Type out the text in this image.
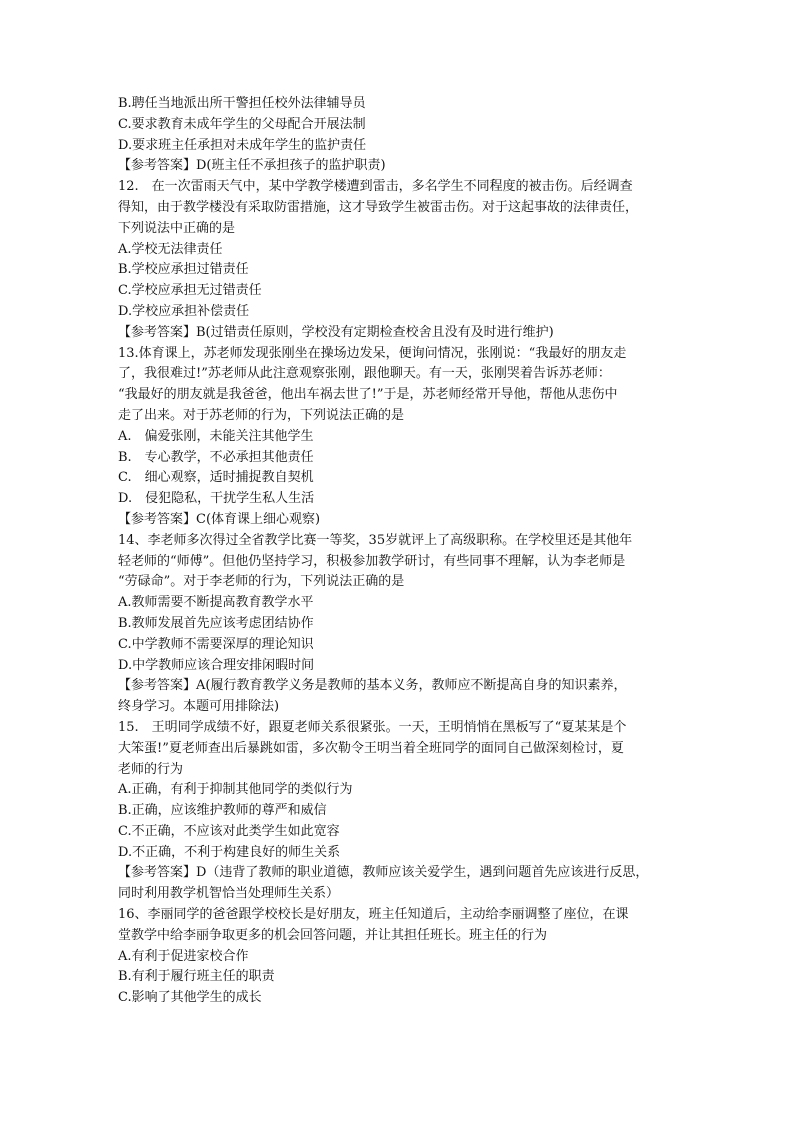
B.聘任当地派出所干警担任校外法律辅导员
C.要求教育未成年学生的父母配合开展法制
D.要求班主任承担对未成年学生的监护责任
【参考答案】D(班主任不承担孩子的监护职责)
12.　在一次雷雨天气中，某中学教学楼遭到雷击，多名学生不同程度的被击伤。后经调查
得知，由于教学楼没有采取防雷措施，这才导致学生被雷击伤。对于这起事故的法律责任，
下列说法中正确的是
A.学校无法律责任
B.学校应承担过错责任
C.学校应承担无过错责任
D.学校应承担补偿责任
【参考答案】B(过错责任原则，学校没有定期检查校舍且没有及时进行维护)
13.体育课上，苏老师发现张刚坐在操场边发呆，便询问情况，张刚说：“我最好的朋友走
了，我很难过!”苏老师从此注意观察张刚，跟他聊天。有一天，张刚哭着告诉苏老师：
“我最好的朋友就是我爸爸，他出车祸去世了!”于是，苏老师经常开导他，帮他从悲伤中
走了出来。对于苏老师的行为，下列说法正确的是
A.　偏爱张刚，未能关注其他学生
B.　专心教学，不必承担其他责任
C.　细心观察，适时捕捉教自契机
D.　侵犯隐私，干扰学生私人生活
【参考答案】C(体育课上细心观察)
14、李老师多次得过全省教学比赛一等奖，35岁就评上了高级职称。在学校里还是其他年
轻老师的“师傅”。但他仍坚持学习，积极参加教学研讨，有些同事不理解，认为李老师是
“劳碌命”。对于李老师的行为，下列说法正确的是
A.教师需要不断提高教育教学水平
B.教师发展首先应该考虑团结协作
C.中学教师不需要深厚的理论知识
D.中学教师应该合理安排闲暇时间
【参考答案】A(履行教育教学义务是教师的基本义务，教师应不断提高自身的知识素养，
终身学习。本题可用排除法)
15.　王明同学成绩不好，跟夏老师关系很紧张。一天，王明悄悄在黑板写了“夏某某是个
大笨蛋!”夏老师查出后暴跳如雷，多次勒令王明当着全班同学的面同自己做深刻检讨，夏
老师的行为
A.正确，有利于抑制其他同学的类似行为
B.正确，应该维护教师的尊严和威信
C.不正确，不应该对此类学生如此宽容
D.不正确，不利于构建良好的师生关系
【参考答案】D（违背了教师的职业道德，教师应该关爱学生，遇到问题首先应该进行反思，
同时利用教学机智恰当处理师生关系）
16、李丽同学的爸爸跟学校校长是好朋友，班主任知道后，主动给李丽调整了座位，在课
堂教学中给李丽争取更多的机会回答问题，并让其担任班长。班主任的行为
A.有利于促进家校合作
B.有利于履行班主任的职责
C.影响了其他学生的成长
